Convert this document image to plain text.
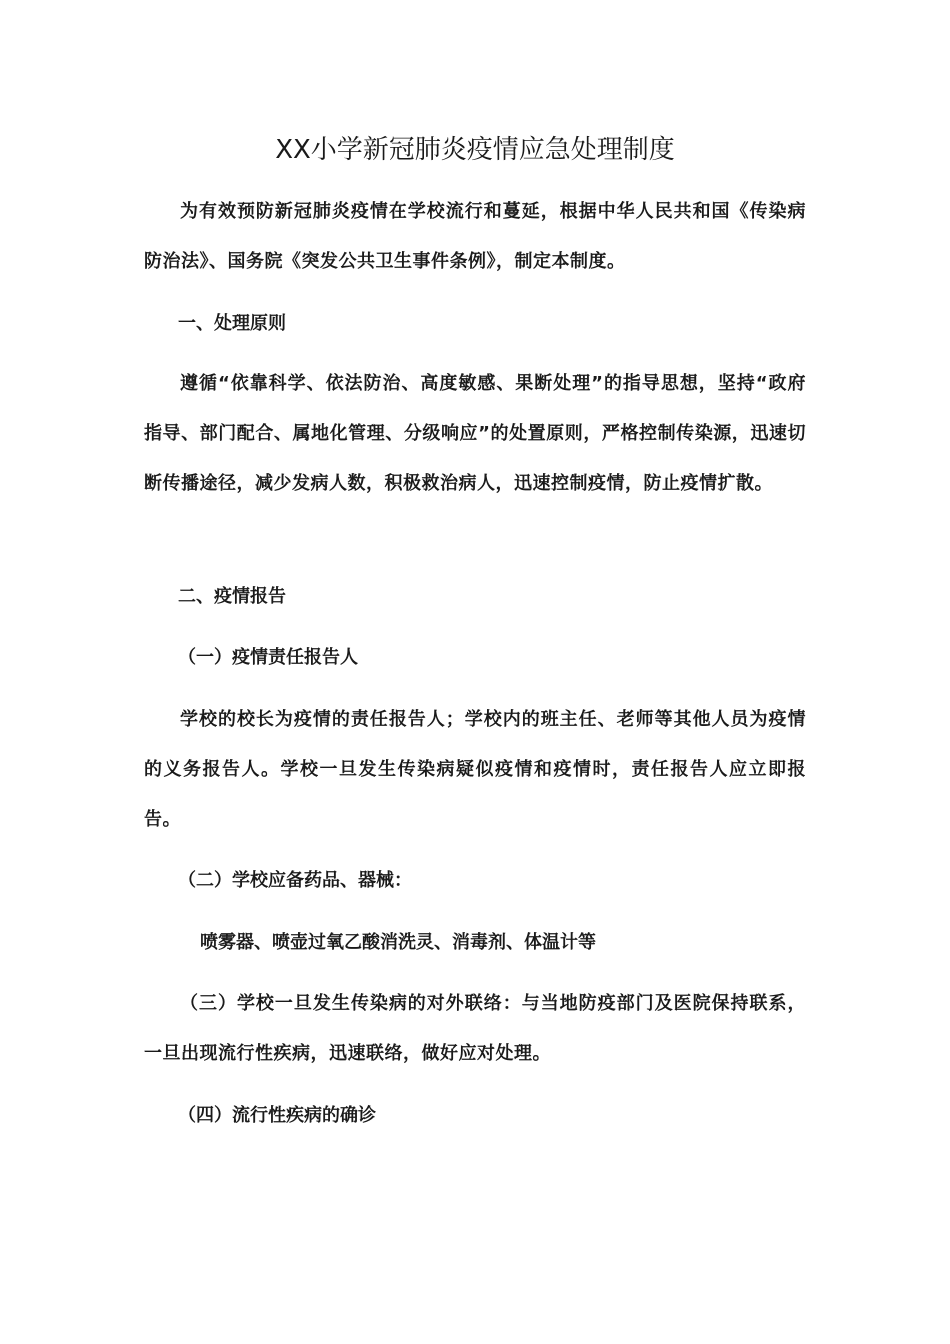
XX小学新冠肺炎疫情应急处理制度

为有效预防新冠肺炎疫情在学校流行和蔓延，根据中华人民共和国《传染病防治法》、国务院《突发公共卫生事件条例》，制定本制度。

一、处理原则

遵循“依靠科学、依法防治、高度敏感、果断处理”的指导思想，坚持“政府指导、部门配合、属地化管理、分级响应”的处置原则，严格控制传染源，迅速切断传播途径，减少发病人数，积极救治病人，迅速控制疫情，防止疫情扩散。

二、疫情报告
（一）疫情责任报告人

学校的校长为疫情的责任报告人；学校内的班主任、老师等其他人员为疫情的义务报告人。学校一旦发生传染病疑似疫情和疫情时，责任报告人应立即报告。

（二）学校应备药品、器械：

喷雾器、喷壶过氧乙酸消洗灵、消毒剂、体温计等

（三）学校一旦发生传染病的对外联络：与当地防疫部门及医院保持联系，一旦出现流行性疾病，迅速联络，做好应对处理。

（四）流行性疾病的确诊
